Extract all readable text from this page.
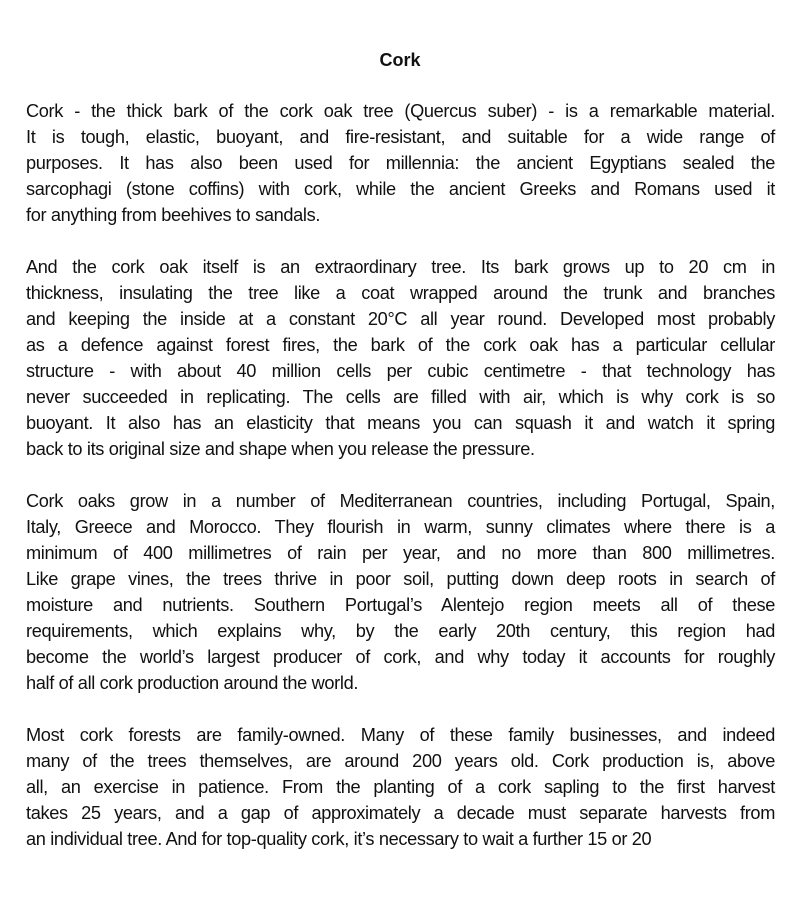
Cork
Cork - the thick bark of the cork oak tree (Quercus suber) - is a remarkable material.
It is tough, elastic, buoyant, and fire-resistant, and suitable for a wide range of
purposes. It has also been used for millennia: the ancient Egyptians sealed the
sarcophagi (stone coffins) with cork, while the ancient Greeks and Romans used it
for anything from beehives to sandals.
And the cork oak itself is an extraordinary tree. Its bark grows up to 20 cm in
thickness, insulating the tree like a coat wrapped around the trunk and branches
and keeping the inside at a constant 20°C all year round. Developed most probably
as a defence against forest fires, the bark of the cork oak has a particular cellular
structure - with about 40 million cells per cubic centimetre - that technology has
never succeeded in replicating. The cells are filled with air, which is why cork is so
buoyant. It also has an elasticity that means you can squash it and watch it spring
back to its original size and shape when you release the pressure.
Cork oaks grow in a number of Mediterranean countries, including Portugal, Spain,
Italy, Greece and Morocco. They flourish in warm, sunny climates where there is a
minimum of 400 millimetres of rain per year, and no more than 800 millimetres.
Like grape vines, the trees thrive in poor soil, putting down deep roots in search of
moisture and nutrients. Southern Portugal’s Alentejo region meets all of these
requirements, which explains why, by the early 20th century, this region had
become the world’s largest producer of cork, and why today it accounts for roughly
half of all cork production around the world.
Most cork forests are family-owned. Many of these family businesses, and indeed
many of the trees themselves, are around 200 years old. Cork production is, above
all, an exercise in patience. From the planting of a cork sapling to the first harvest
takes 25 years, and a gap of approximately a decade must separate harvests from
an individual tree. And for top-quality cork, it’s necessary to wait a further 15 or 20
